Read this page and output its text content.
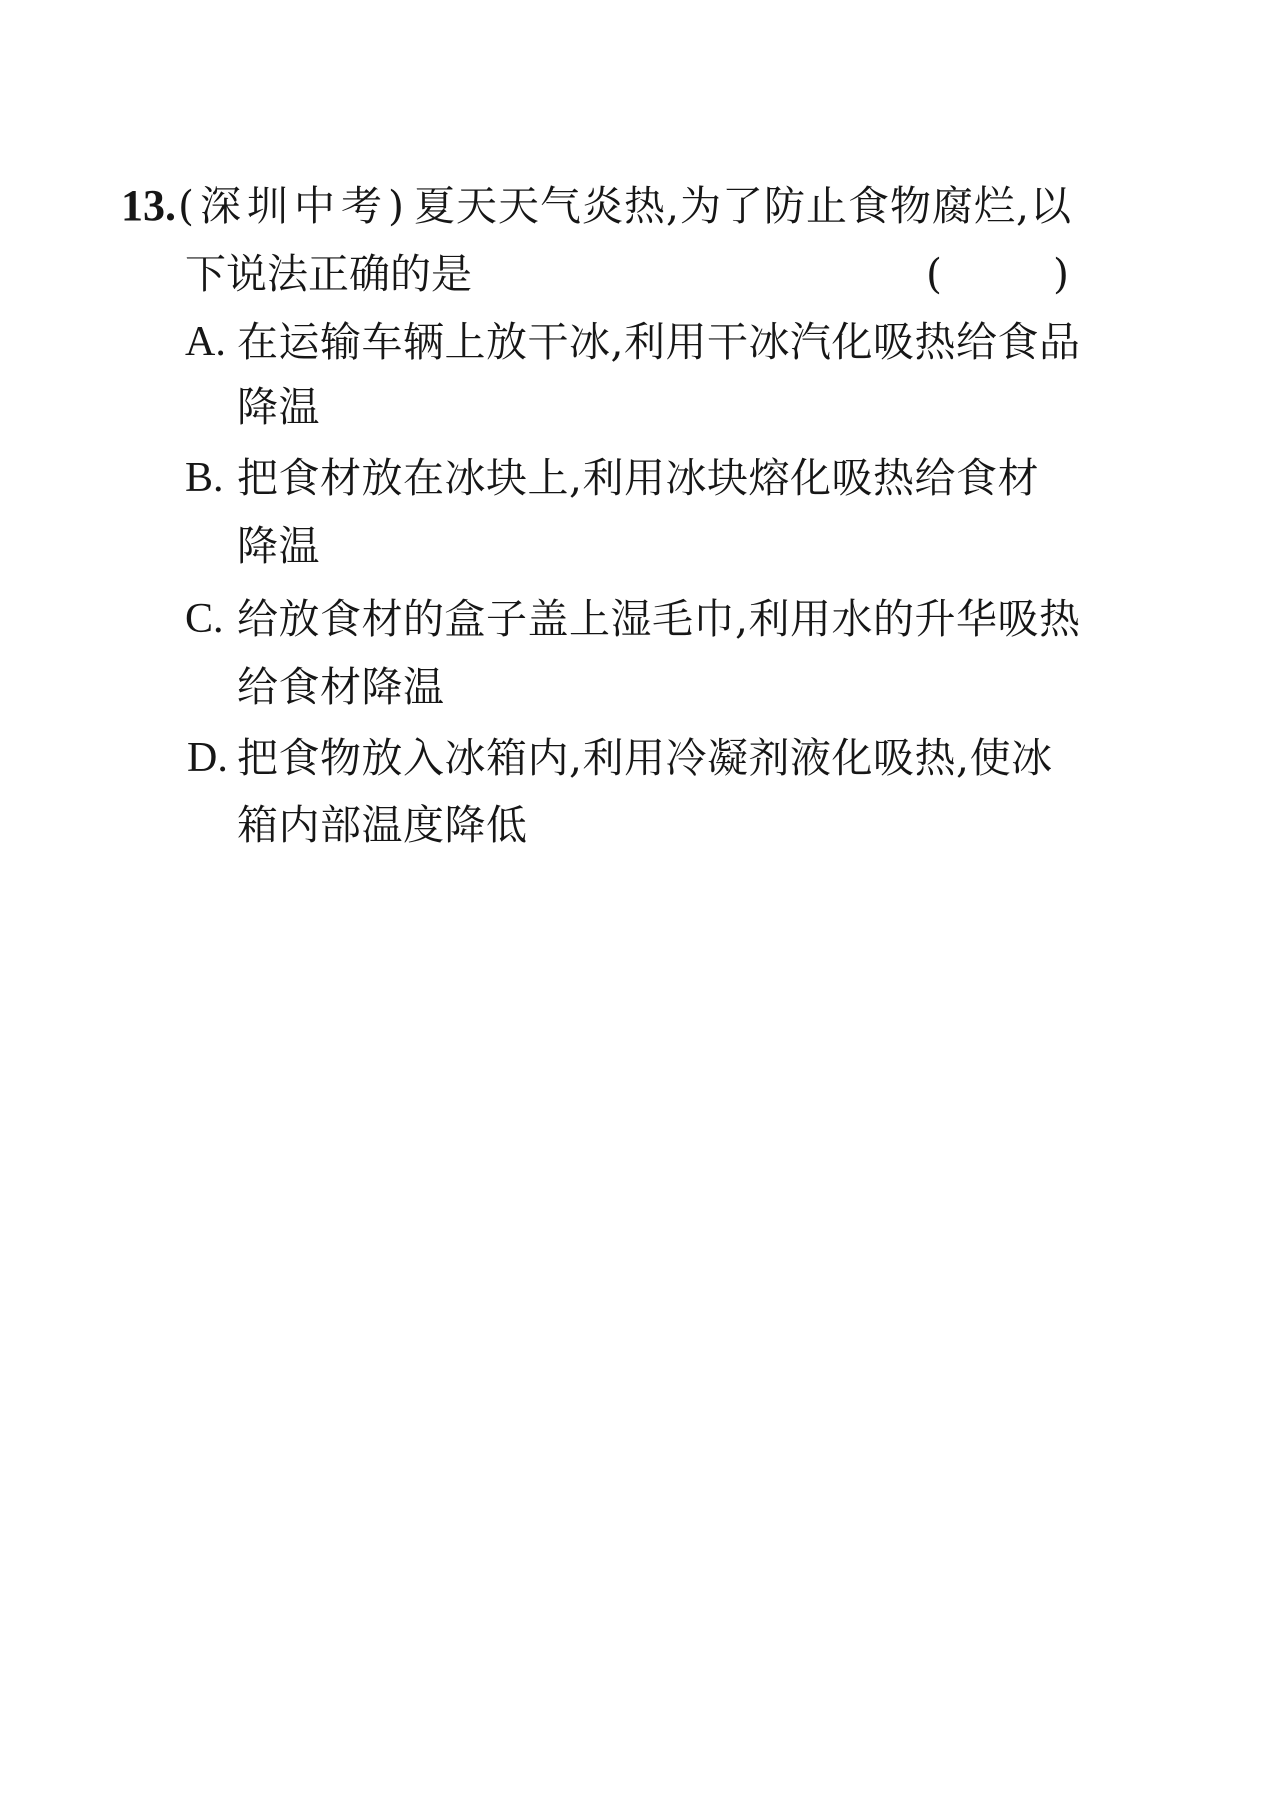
13.(深圳中考)夏天天气炎热,为了防止食物腐烂,以
下说法正确的是	(	)
A. 在运输车辆上放干冰,利用干冰汽化吸热给食品
降温
B. 把食材放在冰块上,利用冰块熔化吸热给食材
降温
C. 给放食材的盒子盖上湿毛巾,利用水的升华吸热
给食材降温
D. 把食物放入冰箱内,利用冷凝剂液化吸热,使冰
箱内部温度降低
